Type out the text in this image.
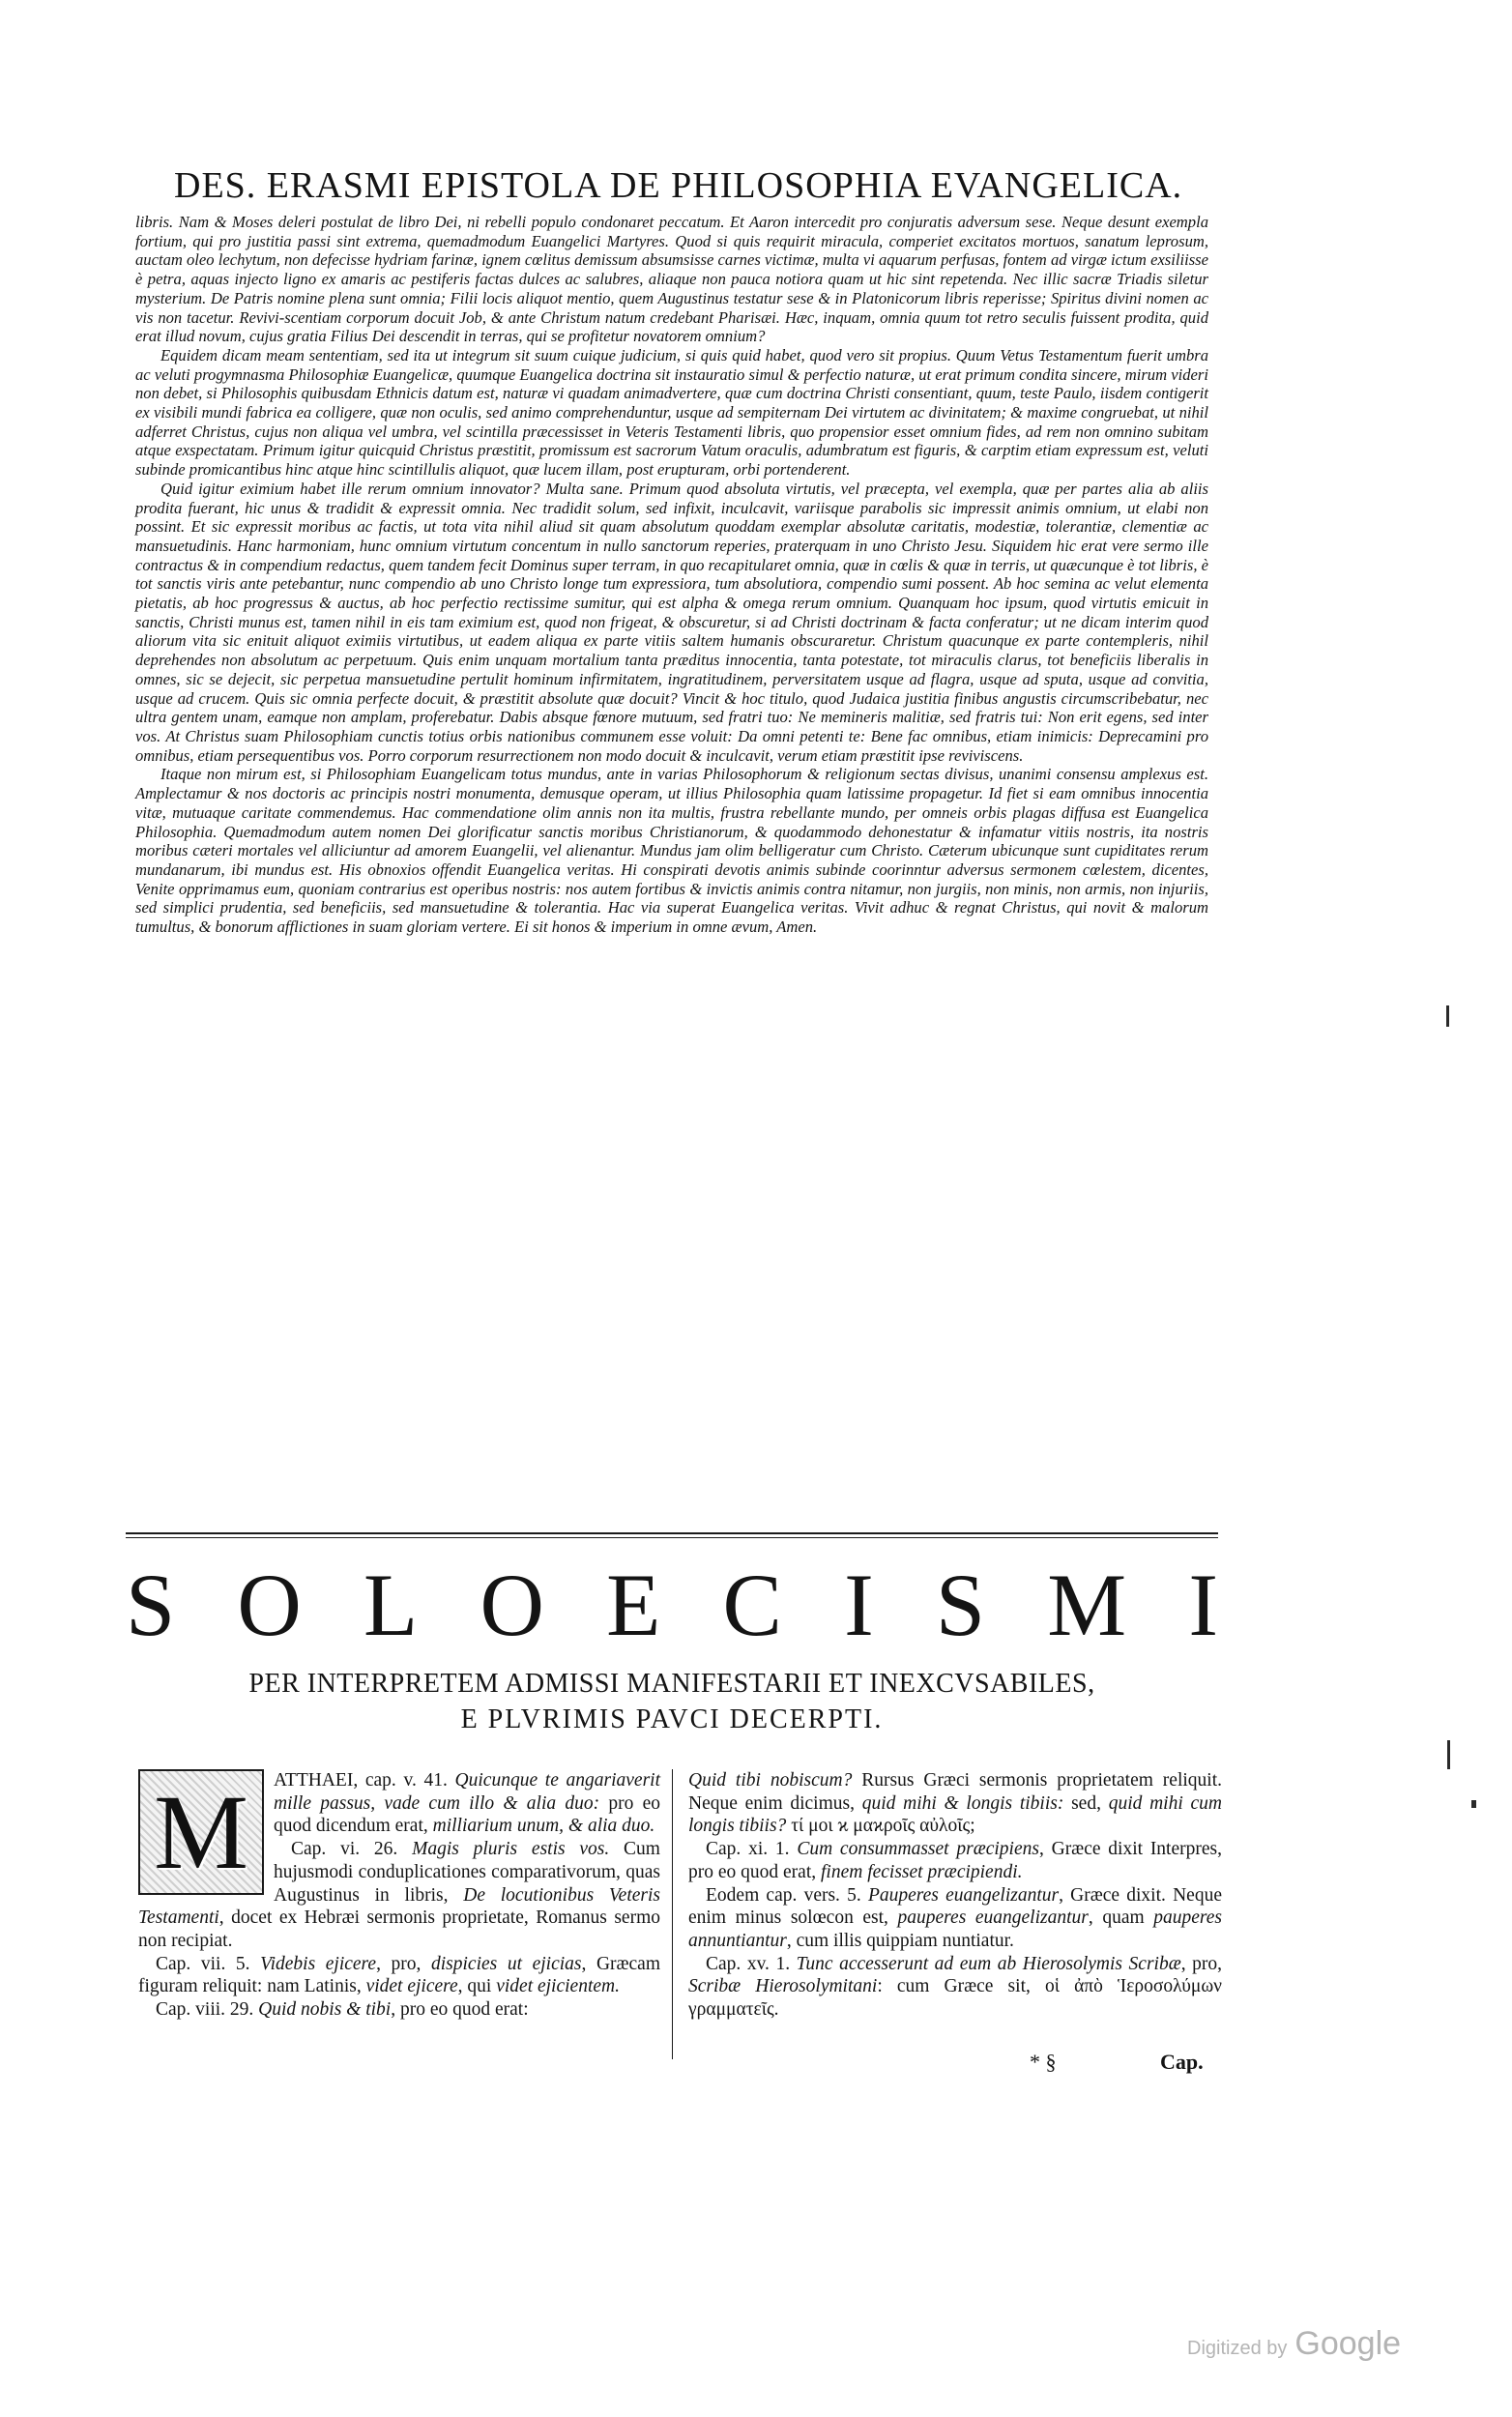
DES. ERASMI EPISTOLA DE PHILOSOPHIA EVANGELICA.

libris. Nam & Moses deleri postulat de libro Dei, ni rebelli populo condonaret peccatum. Et Aaron intercedit pro conjuratis adversum sese. Neque desunt exempla fortium, qui pro justitia passi sint extrema, quemadmodum Euangelici Martyres. Quod si quis requirit miracula, comperiet excitatos mortuos, sanatum leprosum, auctam oleo lechytum, non defecisse hydriam farinæ, ignem cœlitus demissum absumsisse carnes victimæ, multa vi aquarum perfusas, fontem ad virgæ ictum exsiliisse è petra, aquas injecto ligno ex amaris ac pestiferis factas dulces ac salubres, aliaque non pauca notiora quam ut hic sint repetenda. Nec illic sacræ Triadis siletur mysterium. De Patris nomine plena sunt omnia; Filii locis aliquot mentio, quem Augustinus testatur sese & in Platonicorum libris reperisse; Spiritus divini nomen ac vis non tacetur. Revivi-scentiam corporum docuit Job, & ante Christum natum credebant Pharisæi. Hæc, inquam, omnia quum tot retro seculis fuissent prodita, quid erat illud novum, cujus gratia Filius Dei descendit in terras, qui se profitetur novatorem omnium?

Equidem dicam meam sententiam, sed ita ut integrum sit suum cuique judicium, si quis quid habet, quod vero sit propius. Quum Vetus Testamentum fuerit umbra ac veluti progymnasma Philosophiæ Euangelicæ, quumque Euangelica doctrina sit instauratio simul & perfectio naturæ, ut erat primum condita sincere, mirum videri non debet, si Philosophis quibusdam Ethnicis datum est, naturæ vi quadam animadvertere, quæ cum doctrina Christi consentiant, quum, teste Paulo, iisdem contigerit ex visibili mundi fabrica ea colligere, quæ non oculis, sed animo comprehenduntur, usque ad sempiternam Dei virtutem ac divinitatem; & maxime congruebat, ut nihil adferret Christus, cujus non aliqua vel umbra, vel scintilla præcessisset in Veteris Testamenti libris, quo propensior esset omnium fides, ad rem non omnino subitam atque exspectatam. Primum igitur quicquid Christus præstitit, promissum est sacrorum Vatum oraculis, adumbratum est figuris, & carptim etiam expressum est, veluti subinde promicantibus hinc atque hinc scintillulis aliquot, quæ lucem illam, post erupturam, orbi portenderent.

Quid igitur eximium habet ille rerum omnium innovator? Multa sane. Primum quod absoluta virtutis, vel præcepta, vel exempla, quæ per partes alia ab aliis prodita fuerant, hic unus & tradidit & expressit omnia. Nec tradidit solum, sed infixit, inculcavit, variisque parabolis sic impressit animis omnium, ut elabi non possint. Et sic expressit moribus ac factis, ut tota vita nihil aliud sit quam absolutum quoddam exemplar absolutæ caritatis, modestiæ, tolerantiæ, clementiæ ac mansuetudinis. Hanc harmoniam, hunc omnium virtutum concentum in nullo sanctorum reperies, praterquam in uno Christo Jesu. Siquidem hic erat vere sermo ille contractus & in compendium redactus, quem tandem fecit Dominus super terram, in quo recapitularet omnia, quæ in cœlis & quæ in terris, ut quæcunque è tot libris, è tot sanctis viris ante petebantur, nunc compendio ab uno Christo longe tum expressiora, tum absolutiora, compendio sumi possent. Ab hoc semina ac velut elementa pietatis, ab hoc progressus & auctus, ab hoc perfectio rectissime sumitur, qui est alpha & omega rerum omnium. Quanquam hoc ipsum, quod virtutis emicuit in sanctis, Christi munus est, tamen nihil in eis tam eximium est, quod non frigeat, & obscuretur, si ad Christi doctrinam & facta conferatur; ut ne dicam interim quod aliorum vita sic enituit aliquot eximiis virtutibus, ut eadem aliqua ex parte vitiis saltem humanis obscuraretur. Christum quacunque ex parte contempleris, nihil deprehendes non absolutum ac perpetuum. Quis enim unquam mortalium tanta præditus innocentia, tanta potestate, tot miraculis clarus, tot beneficiis liberalis in omnes, sic se dejecit, sic perpetua mansuetudine pertulit hominum infirmitatem, ingratitudinem, perversitatem usque ad flagra, usque ad sputa, usque ad convitia, usque ad crucem. Quis sic omnia perfecte docuit, & præstitit absolute quæ docuit? Vincit & hoc titulo, quod Judaica justitia finibus angustis circumscribebatur, nec ultra gentem unam, eamque non amplam, proferebatur. Dabis absque fœnore mutuum, sed fratri tuo: Ne memineris malitiæ, sed fratris tui: Non erit egens, sed inter vos. At Christus suam Philosophiam cunctis totius orbis nationibus communem esse voluit: Da omni petenti te: Bene fac omnibus, etiam inimicis: Deprecamini pro omnibus, etiam persequentibus vos. Porro corporum resurrectionem non modo docuit & inculcavit, verum etiam præstitit ipse reviviscens.

Itaque non mirum est, si Philosophiam Euangelicam totus mundus, ante in varias Philosophorum & religionum sectas divisus, unanimi consensu amplexus est. Amplectamur & nos doctoris ac principis nostri monumenta, demusque operam, ut illius Philosophia quam latissime propagetur. Id fiet si eam omnibus innocentia vitæ, mutuaque caritate commendemus. Hac commendatione olim annis non ita multis, frustra rebellante mundo, per omneis orbis plagas diffusa est Euangelica Philosophia. Quemadmodum autem nomen Dei glorificatur sanctis moribus Christianorum, & quodammodo dehonestatur & infamatur vitiis nostris, ita nostris moribus cæteri mortales vel alliciuntur ad amorem Euangelii, vel alienantur. Mundus jam olim belligeratur cum Christo. Cæterum ubicunque sunt cupiditates rerum mundanarum, ibi mundus est. His obnoxios offendit Euangelica veritas. Hi conspirati devotis animis subinde coorinntur adversus sermonem cœlestem, dicentes, Venite opprimamus eum, quoniam contrarius est operibus nostris: nos autem fortibus & invictis animis contra nitamur, non jurgiis, non minis, non armis, non injuriis, sed simplici prudentia, sed beneficiis, sed mansuetudine & tolerantia. Hac via superat Euangelica veritas. Vivit adhuc & regnat Christus, qui novit & malorum tumultus, & bonorum afflictiones in suam gloriam vertere. Ei sit honos & imperium in omne ævum, Amen.

S O L O E C I S M I
PER INTERPRETEM ADMISSI MANIFESTARII ET INEXCVSABILES,
E PLVRIMIS PAVCI DECERPTI.

M	ATTHAEI, cap. v. 41. Quicunque te angariaverit mille passus, vade cum illo & alia duo: pro eo quod dicendum erat, milliarium unum, & alia duo.

Cap. vi. 26. Magis pluris estis vos. Cum hujusmodi conduplicationes comparativorum, quas Augustinus in libris, De locutionibus Veteris Testamenti, docet ex Hebræi sermonis proprietate, Romanus sermo non recipiat.

Cap. vii. 5. Videbis ejicere, pro, dispicies ut ejicias, Græcam figuram reliquit: nam Latinis, videt ejicere, qui videt ejicientem.

Cap. viii. 29. Quid nobis & tibi, pro eo quod erat:

Quid tibi nobiscum? Rursus Græci sermonis proprietatem reliquit. Neque enim dicimus, quid mihi & longis tibiis: sed, quid mihi cum longis tibiis? τί μοι ϰ μαϰροῖς αὐλοῖς;

Cap. xi. 1. Cum consummasset præcipiens, Græce dixit Interpres, pro eo quod erat, finem fecisset præcipiendi.

Eodem cap. vers. 5. Pauperes euangelizantur, Græce dixit. Neque enim minus solœcon est, pauperes euangelizantur, quam pauperes annuntiantur, cum illis quippiam nuntiatur.

Cap. xv. 1. Tunc accesserunt ad eum ab Hierosolymis Scribæ, pro, Scribæ Hierosolymitani: cum Græce sit, οἱ ἀπὸ Ἱεροσολύμων γραμματεῖς.

* §	Cap.
Digitized by Google
